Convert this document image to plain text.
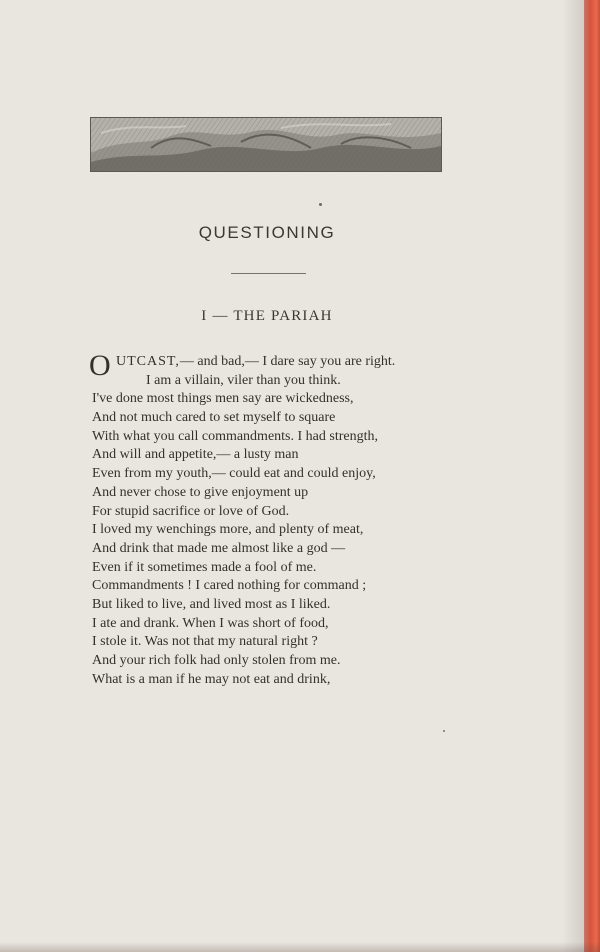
QUESTIONING
I — THE PARIAH
O UTCAST,— and bad,— I dare say you are right.
I am a villain, viler than you think.
I've done most things men say are wickedness,
And not much cared to set myself to square
With what you call commandments. I had strength,
And will and appetite,— a lusty man
Even from my youth,— could eat and could enjoy,
And never chose to give enjoyment up
For stupid sacrifice or love of God.
I loved my wenchings more, and plenty of meat,
And drink that made me almost like a god —
Even if it sometimes made a fool of me.
Commandments ! I cared nothing for command ;
But liked to live, and lived most as I liked.
I ate and drank. When I was short of food,
I stole it. Was not that my natural right ?
And your rich folk had only stolen from me.
What is a man if he may not eat and drink,
